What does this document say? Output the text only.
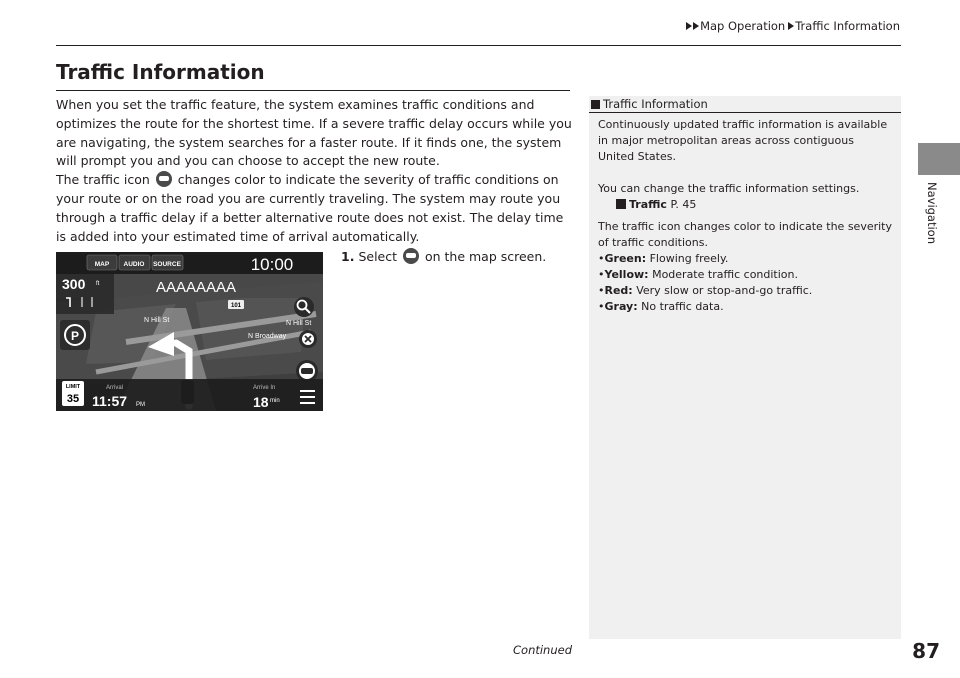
Map Operation Traffic Information
Navigation
Traffic Information

When you set the traffic feature, the system examines traffic conditions and optimizes the route for the shortest time. If a severe traffic delay occurs while you are navigating, the system searches for a faster route. If it finds one, the system will prompt you and you can choose to accept the new route.

The traffic icon changes color to indicate the severity of traffic conditions on your route or on the road you are currently traveling. The system may route you through a traffic delay if a better alternative route does not exist. The delay time is added into your estimated time of arrival automatically.

1. Select on the map screen.
MAP AUDIO SOURCE	10:00
300 ft	AAAAAAAA
101
N Hill St	N Hill St
N Broadway
P
LIMIT
35
Arrival
11:57 PM
Arrive In
18 min
Traffic Information

Continuously updated traffic information is available in major metropolitan areas across contiguous United States.

You can change the traffic information settings.

Traffic P. 45

The traffic icon changes color to indicate the severity of traffic conditions.

•Green: Flowing freely.

•Yellow: Moderate traffic condition.

•Red: Very slow or stop-and-go traffic.

•Gray: No traffic data.

Continued	87
